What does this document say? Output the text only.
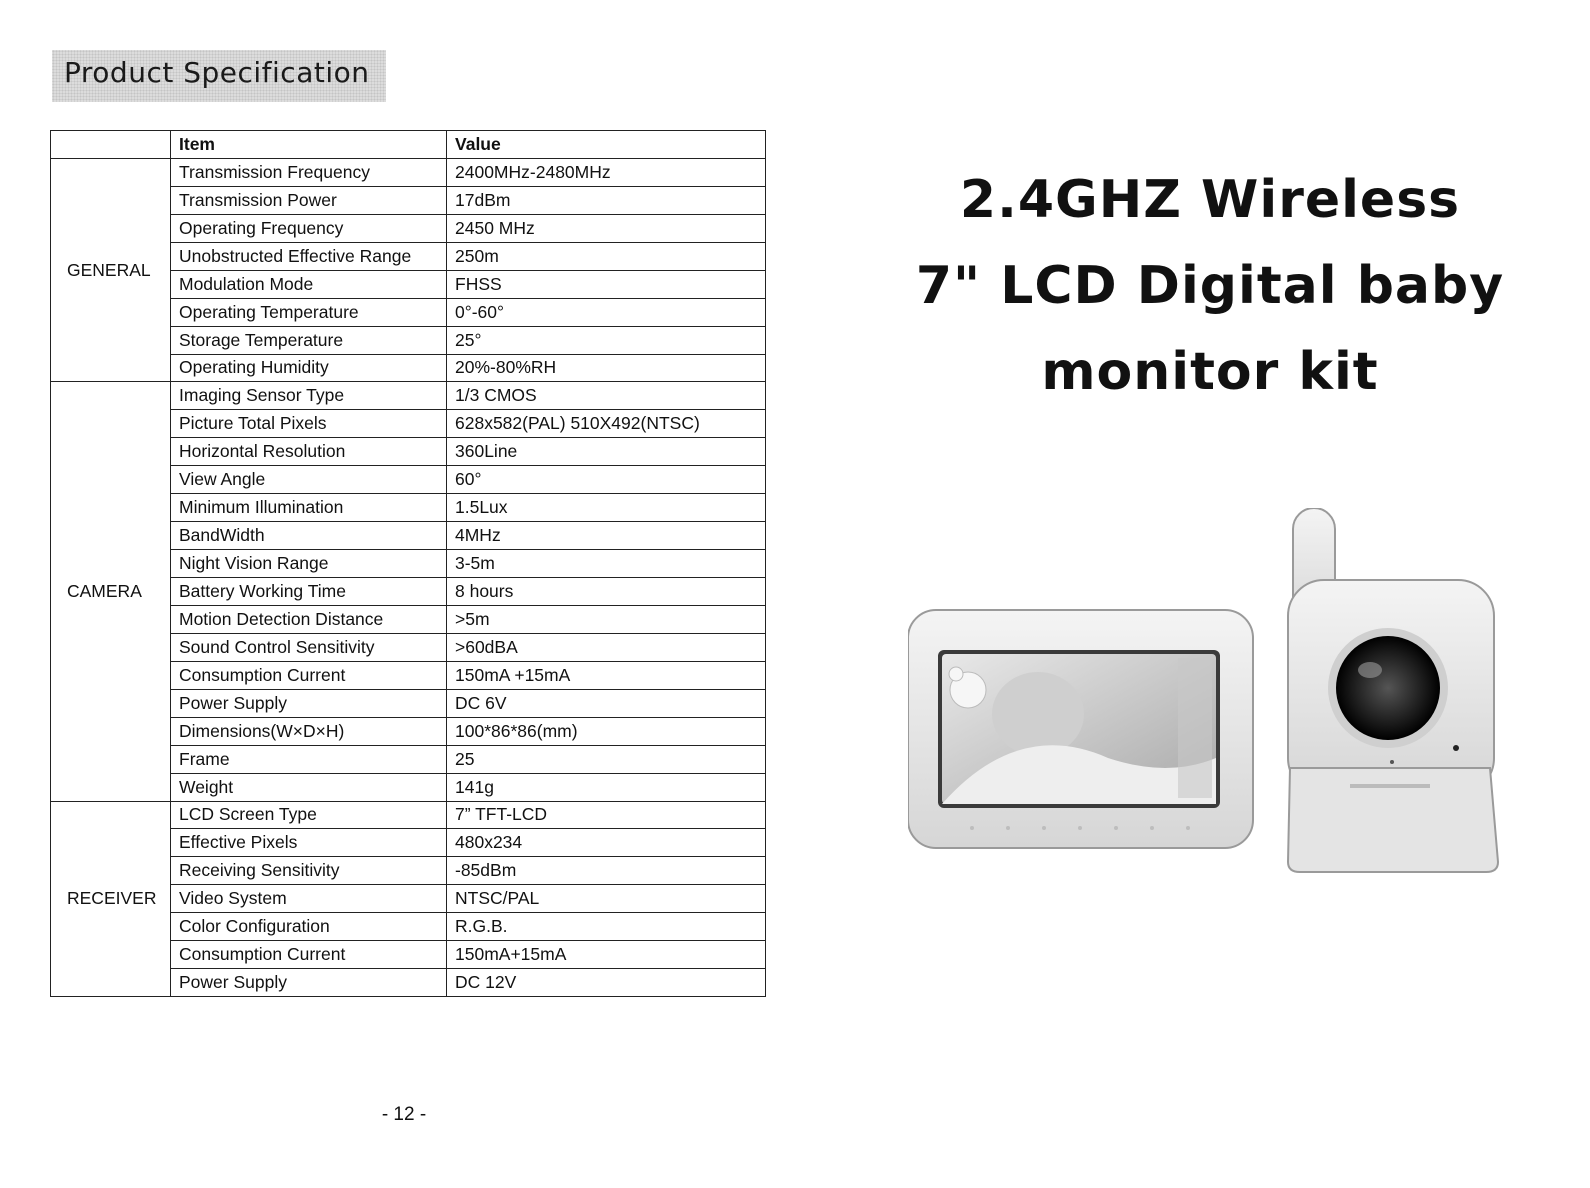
Product Specification
	Item	Value
GENERAL	Transmission Frequency	2400MHz-2480MHz
	Transmission Power	17dBm
	Operating Frequency	2450 MHz
	Unobstructed Effective Range	250m
	Modulation Mode	FHSS
	Operating Temperature	0°-60°
	Storage Temperature	25°
	Operating Humidity	20%-80%RH
CAMERA	Imaging Sensor Type	1/3 CMOS
	Picture Total Pixels	628x582(PAL) 510X492(NTSC)
	Horizontal Resolution	360Line
	View Angle	60°
	Minimum Illumination	1.5Lux
	BandWidth	4MHz
	Night Vision Range	3-5m
	Battery Working Time	8 hours
	Motion Detection Distance	>5m
	Sound Control Sensitivity	>60dBA
	Consumption Current	150mA +15mA
	Power Supply	DC 6V
	Dimensions(W×D×H)	100*86*86(mm)
	Frame	25
	Weight	141g
RECEIVER	LCD Screen Type	7” TFT-LCD
	Effective Pixels	480x234
	Receiving Sensitivity	-85dBm
	Video System	NTSC/PAL
	Color Configuration	R.G.B.
	Consumption Current	150mA+15mA
	Power Supply	DC 12V
- 12 -
2.4GHZ Wireless
7" LCD Digital baby
monitor kit
